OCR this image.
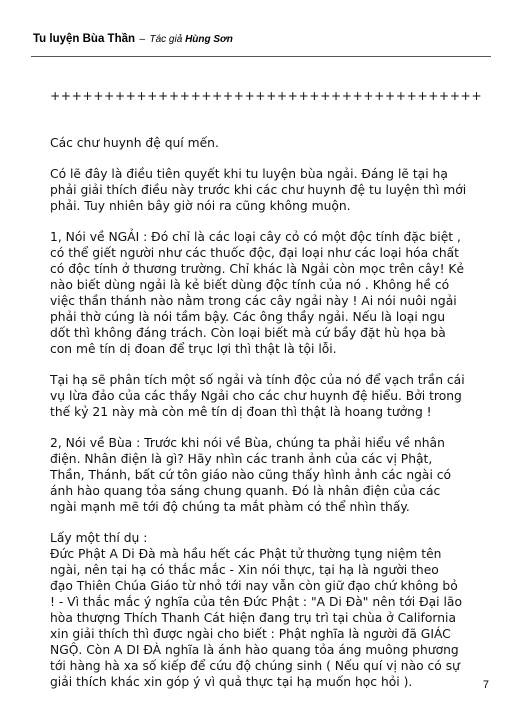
Tu luyện Bùa Thần – Tác giả Hùng Sơn

++++++++++++++++++++++++++++++++++++++++

Các chư huynh đệ quí mến.

Có lẽ đây là điều tiên quyết khi tu luyện bùa ngải. Đáng lẽ tại hạ
phải giải thích điều này trước khi các chư huynh đệ tu luyện thì mới
phải. Tuy nhiên bây giờ nói ra cũng không muộn.

1, Nói về NGẢI : Đó chỉ là các loại cây cỏ có một độc tính đặc biệt ,
có thể giết người như các thuốc độc, đại loại như các loại hóa chất
có độc tính ở thương trường. Chỉ khác là Ngải còn mọc trên cây! Kẻ
nào biết dùng ngải là kẻ biết dùng độc tính của nó . Không hề có
việc thần thánh nào nằm trong các cây ngải này ! Ai nói nuôi ngải
phải thờ cúng là nói tầm bậy. Các ông thầy ngải. Nếu là loại ngu
dốt thì không đáng trách. Còn loại biết mà cứ bầy đặt hù họa bà
con mê tín dị đoan để trục lợi thì thật là tội lỗi.

Tại hạ sẽ phân tích một số ngải và tính độc của nó để vạch trần cái
vụ lừa đảo của các thầy Ngải cho các chư huynh đệ hiểu. Bởi trong
thế kỷ 21 này mà còn mê tín dị đoan thì thật là hoang tưởng !

2, Nói về Bùa : Trước khi nói về Bùa, chúng ta phải hiểu về nhân
điện. Nhân điện là gì? Hãy nhìn các tranh ảnh của các vị Phật,
Thần, Thánh, bất cứ tôn giáo nào cũng thấy hình ảnh các ngài có
ánh hào quang tỏa sáng chung quanh. Đó là nhân điện của các
ngài mạnh mẽ tới độ chúng ta mắt phàm có thể nhìn thấy.

Lấy một thí dụ :
Đức Phật A Di Đà mà hầu hết các Phật tử thường tụng niệm tên
ngài, nên tại hạ có thắc mắc - Xin nói thực, tại hạ là người theo
đạo Thiên Chúa Giáo từ nhỏ tới nay vẫn còn giữ đạo chứ không bỏ
! - Vì thắc mắc ý nghĩa của tên Đức Phật : "A Di Đà" nên tới Đại lão
hòa thượng Thích Thanh Cát hiện đang trụ trì tại chùa ở California
xin giải thích thì được ngài cho biết : Phật nghĩa là người đã GIÁC
NGỘ. Còn A DI ĐÀ nghĩa là ánh hào quang tỏa áng muông phương
tới hàng hà xa số kiếp để cứu độ chúng sinh ( Nếu quí vị nào có sự
giải thích khác xin góp ý vì quả thực tại hạ muốn học hỏi ).	7
